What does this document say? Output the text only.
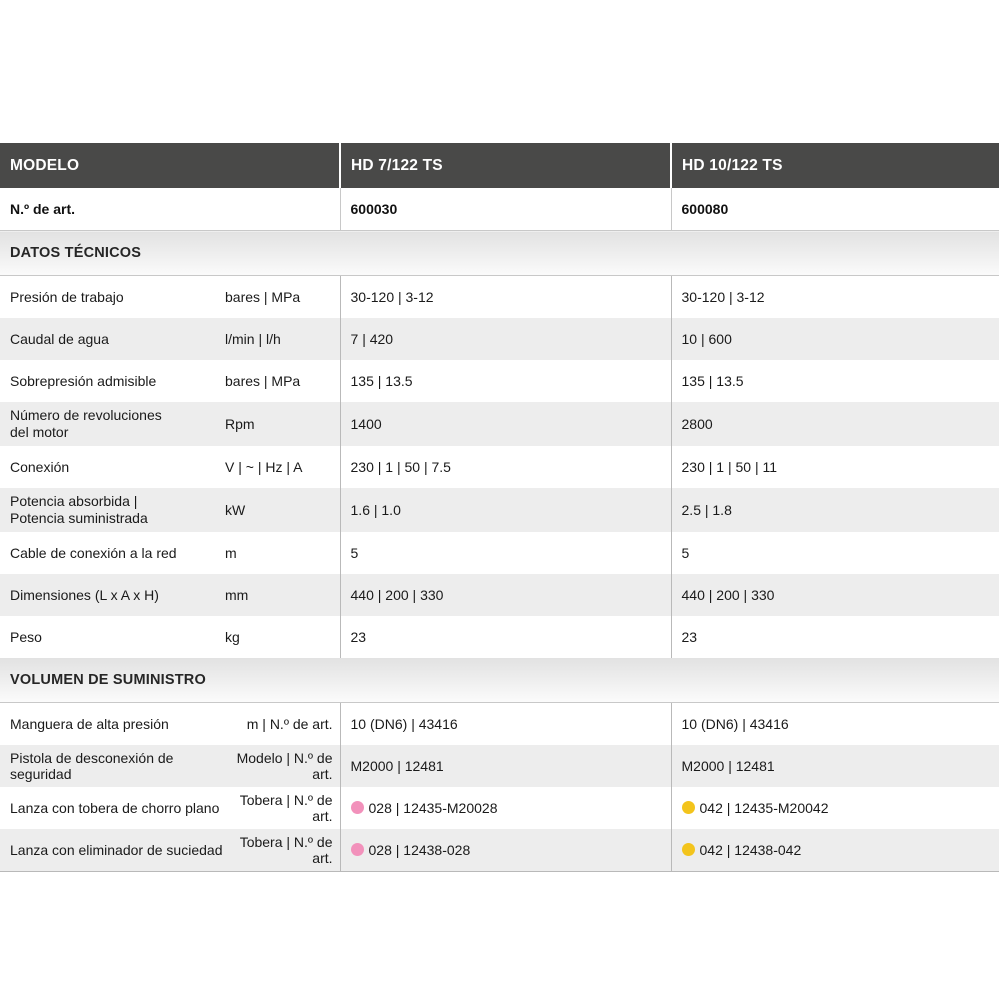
MODELO		HD 7/122 TS	HD 10/122 TS
N.º de art.		600030	600080
DATOS TÉCNICOS			
Presión de trabajo	bares | MPa	30-120 | 3-12	30-120 | 3-12
Caudal de agua	l/min | l/h	7 | 420	10 | 600
Sobrepresión admisible	bares | MPa	135 | 13.5	135 | 13.5

Número de revoluciones
del motor	Rpm	1400	2800
Conexión	V | ~ | Hz | A	230 | 1 | 50 | 7.5	230 | 1 | 50 | 11

Potencia absorbida |
Potencia suministrada	kW	1.6 | 1.0	2.5 | 1.8
Cable de conexión a la red	m	5	5
Dimensiones (L x A x H)	mm	440 | 200 | 330	440 | 200 | 330
Peso	kg	23	23
VOLUMEN DE SUMINISTRO			
Manguera de alta presión	m | N.º de art.	10 (DN6) | 43416	10 (DN6) | 43416
Pistola de desconexión de seguridad	Modelo | N.º de art.	M2000 | 12481	M2000 | 12481
Lanza con tobera de chorro plano	Tobera | N.º de art.	028 | 12435-M20028	042 | 12435-M20042
Lanza con eliminador de suciedad	Tobera | N.º de art.	028 | 12438-028	042 | 12438-042
